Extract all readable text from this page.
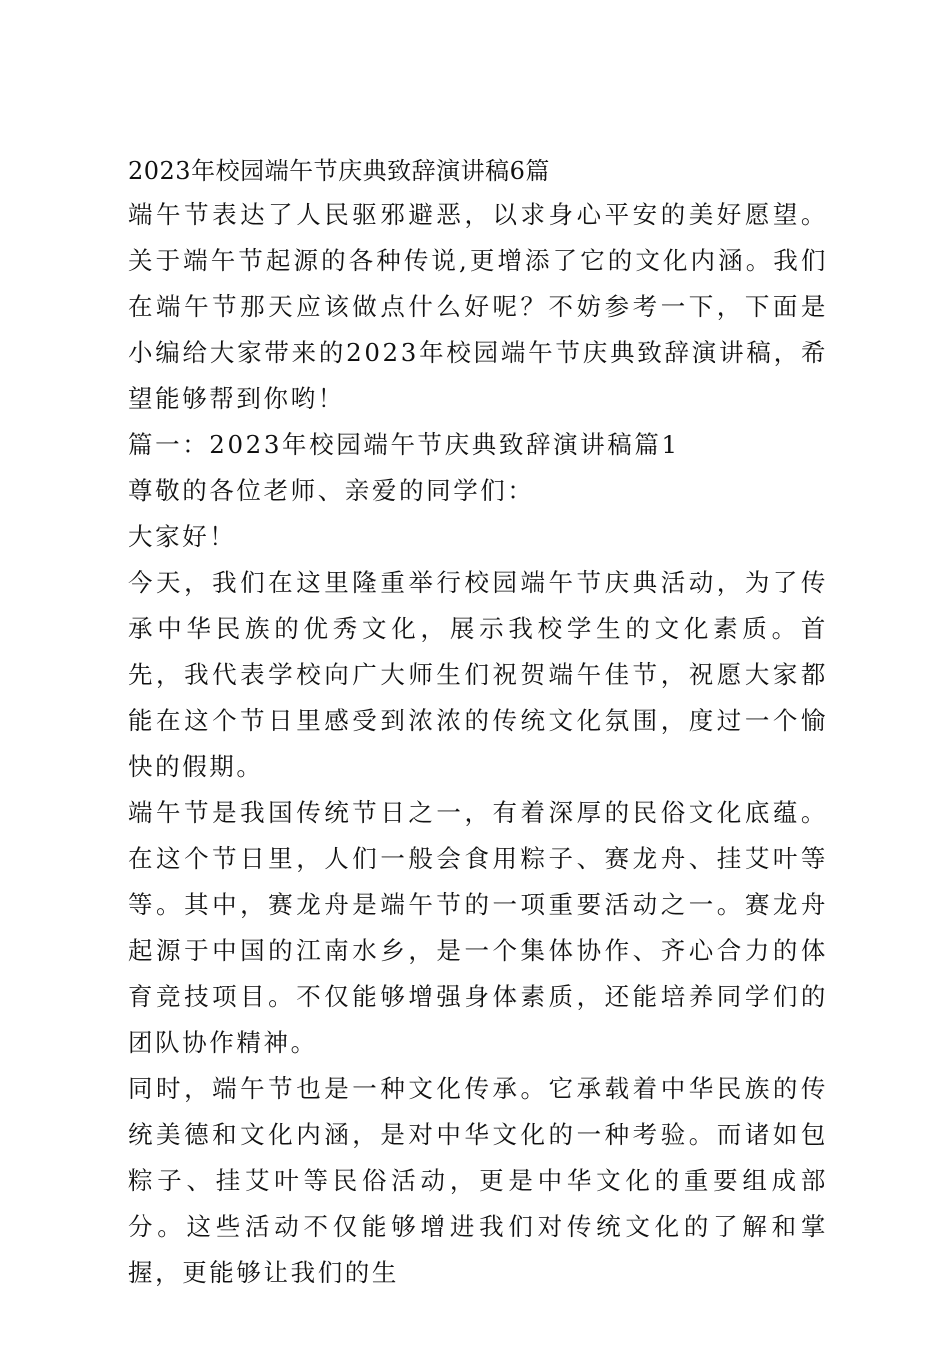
2023年校园端午节庆典致辞演讲稿6篇

端午节表达了人民驱邪避恶，以求身心平安的美好愿望。关于端午节起源的各种传说,更增添了它的文化内涵。我们在端午节那天应该做点什么好呢？不妨参考一下，下面是小编给大家带来的2023年校园端午节庆典致辞演讲稿，希望能够帮到你哟！

篇一：2023年校园端午节庆典致辞演讲稿篇1

尊敬的各位老师、亲爱的同学们：

大家好！

今天，我们在这里隆重举行校园端午节庆典活动，为了传承中华民族的优秀文化，展示我校学生的文化素质。首先，我代表学校向广大师生们祝贺端午佳节，祝愿大家都能在这个节日里感受到浓浓的传统文化氛围，度过一个愉快的假期。

端午节是我国传统节日之一，有着深厚的民俗文化底蕴。在这个节日里，人们一般会食用粽子、赛龙舟、挂艾叶等等。其中，赛龙舟是端午节的一项重要活动之一。赛龙舟起源于中国的江南水乡，是一个集体协作、齐心合力的体育竞技项目。不仅能够增强身体素质，还能培养同学们的团队协作精神。

同时，端午节也是一种文化传承。它承载着中华民族的传统美德和文化内涵，是对中华文化的一种考验。而诸如包粽子、挂艾叶等民俗活动，更是中华文化的重要组成部分。这些活动不仅能够增进我们对传统文化的了解和掌握，更能够让我们的生
